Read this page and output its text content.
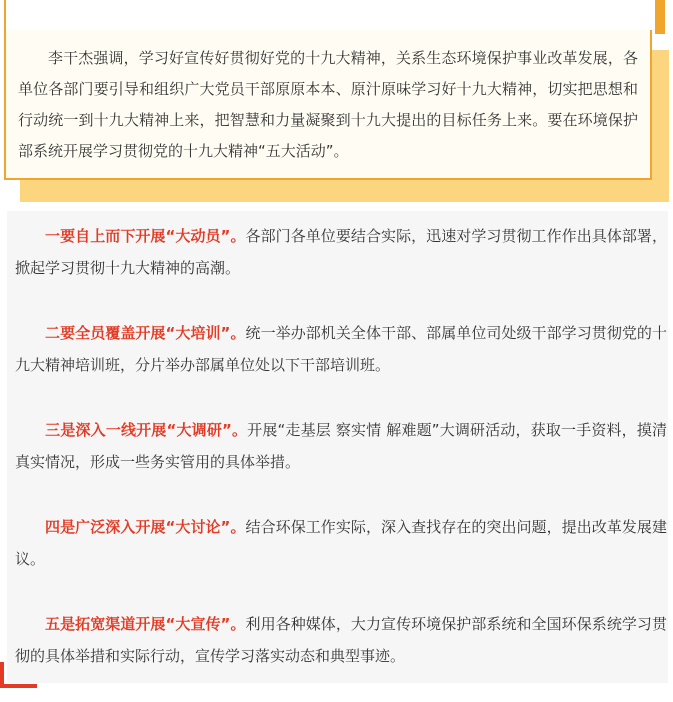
李干杰强调，学习好宣传好贯彻好党的十九大精神，关系生态环境保护事业改革发展，各单位各部门要引导和组织广大党员干部原原本本、原汁原味学习好十九大精神，切实把思想和行动统一到十九大精神上来，把智慧和力量凝聚到十九大提出的目标任务上来。要在环境保护部系统开展学习贯彻党的十九大精神“五大活动”。

一要自上而下开展“大动员”。各部门各单位要结合实际，迅速对学习贯彻工作作出具体部署，掀起学习贯彻十九大精神的高潮。

二要全员覆盖开展“大培训”。统一举办部机关全体干部、部属单位司处级干部学习贯彻党的十九大精神培训班，分片举办部属单位处以下干部培训班。

三是深入一线开展“大调研”。开展“走基层 察实情 解难题”大调研活动，获取一手资料，摸清真实情况，形成一些务实管用的具体举措。

四是广泛深入开展“大讨论”。结合环保工作实际，深入查找存在的突出问题，提出改革发展建议。

五是拓宽渠道开展“大宣传”。利用各种媒体，大力宣传环境保护部系统和全国环保系统学习贯彻的具体举措和实际行动，宣传学习落实动态和典型事迹。
